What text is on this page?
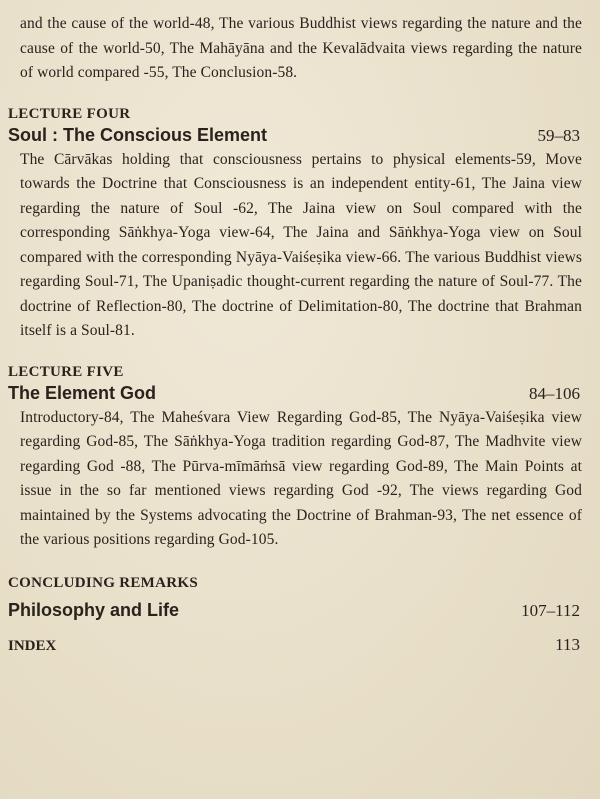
and the cause of the world-48, The various Buddhist views regarding the nature and the cause of the world-50, The Mahāyāna and the Kevalādvaita views regarding the nature of world compared -55, The Conclusion-58.

LECTURE FOUR
Soul : The Conscious Element	59–83

The Cārvākas holding that consciousness pertains to physical elements-59, Move towards the Doctrine that Consciousness is an independent entity-61, The Jaina view regarding the nature of Soul -62, The Jaina view on Soul compared with the corresponding Sāṅkhya-Yoga view-64, The Jaina and Sāṅkhya-Yoga view on Soul compared with the corresponding Nyāya-Vaiśeṣika view-66. The various Buddhist views regarding Soul-71, The Upaniṣadic thought-current regarding the nature of Soul-77. The doctrine of Reflection-80, The doctrine of Delimitation-80, The doctrine that Brahman itself is a Soul-81.

LECTURE FIVE
The Element God	84–106

Introductory-84, The Maheśvara View Regarding God-85, The Nyāya-Vaiśeṣika view regarding God-85, The Sāṅkhya-Yoga tradition regarding God-87, The Madhvite view regarding God -88, The Pūrva-mīmāṁsā view regarding God-89, The Main Points at issue in the so far mentioned views regarding God -92, The views regarding God maintained by the Systems advocating the Doctrine of Brahman-93, The net essence of the various positions regarding God-105.

CONCLUDING REMARKS
Philosophy and Life	107–112
INDEX	113
